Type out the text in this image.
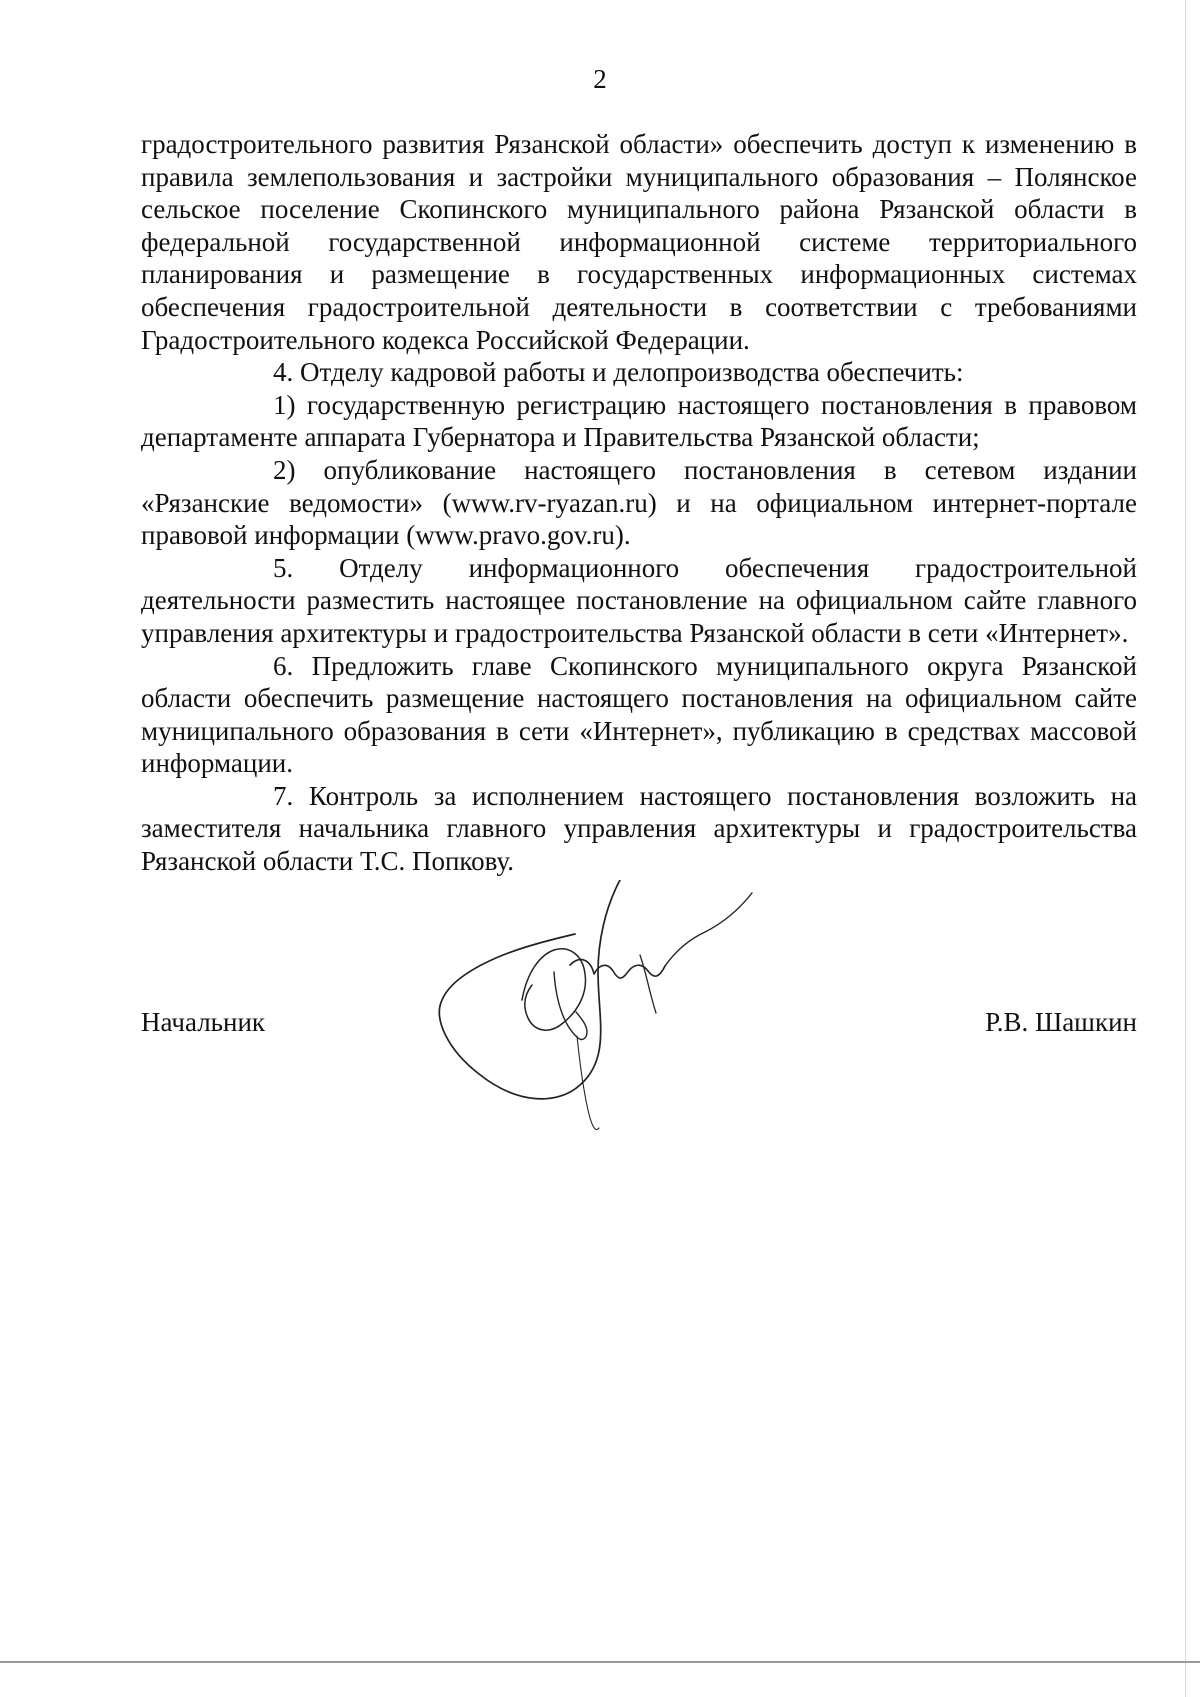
2

градостроительного развития Рязанской области» обеспечить доступ к изменению в правила землепользования и застройки муниципального образования – Полянское сельское поселение Скопинского муниципального района Рязанской области в федеральной государственной информационной системе территориального планирования и размещение в государственных информационных системах обеспечения градостроительной деятельности в соответствии с требованиями Градостроительного кодекса Российской Федерации.

4. Отделу кадровой работы и делопроизводства обеспечить:

1) государственную регистрацию настоящего постановления в правовом департаменте аппарата Губернатора и Правительства Рязанской области;

2) опубликование настоящего постановления в сетевом издании «Рязанские ведомости» (www.rv-ryazan.ru) и на официальном интернет-портале правовой информации (www.pravo.gov.ru).

5. Отделу информационного обеспечения градостроительной деятельности разместить настоящее постановление на официальном сайте главного управления архитектуры и градостроительства Рязанской области в сети «Интернет».

6. Предложить главе Скопинского муниципального округа Рязанской области обеспечить размещение настоящего постановления на официальном сайте муниципального образования в сети «Интернет», публикацию в средствах массовой информации.

7. Контроль за исполнением настоящего постановления возложить на заместителя начальника главного управления архитектуры и градостроительства Рязанской области Т.С. Попкову.

Начальник	Р.В. Шашкин
